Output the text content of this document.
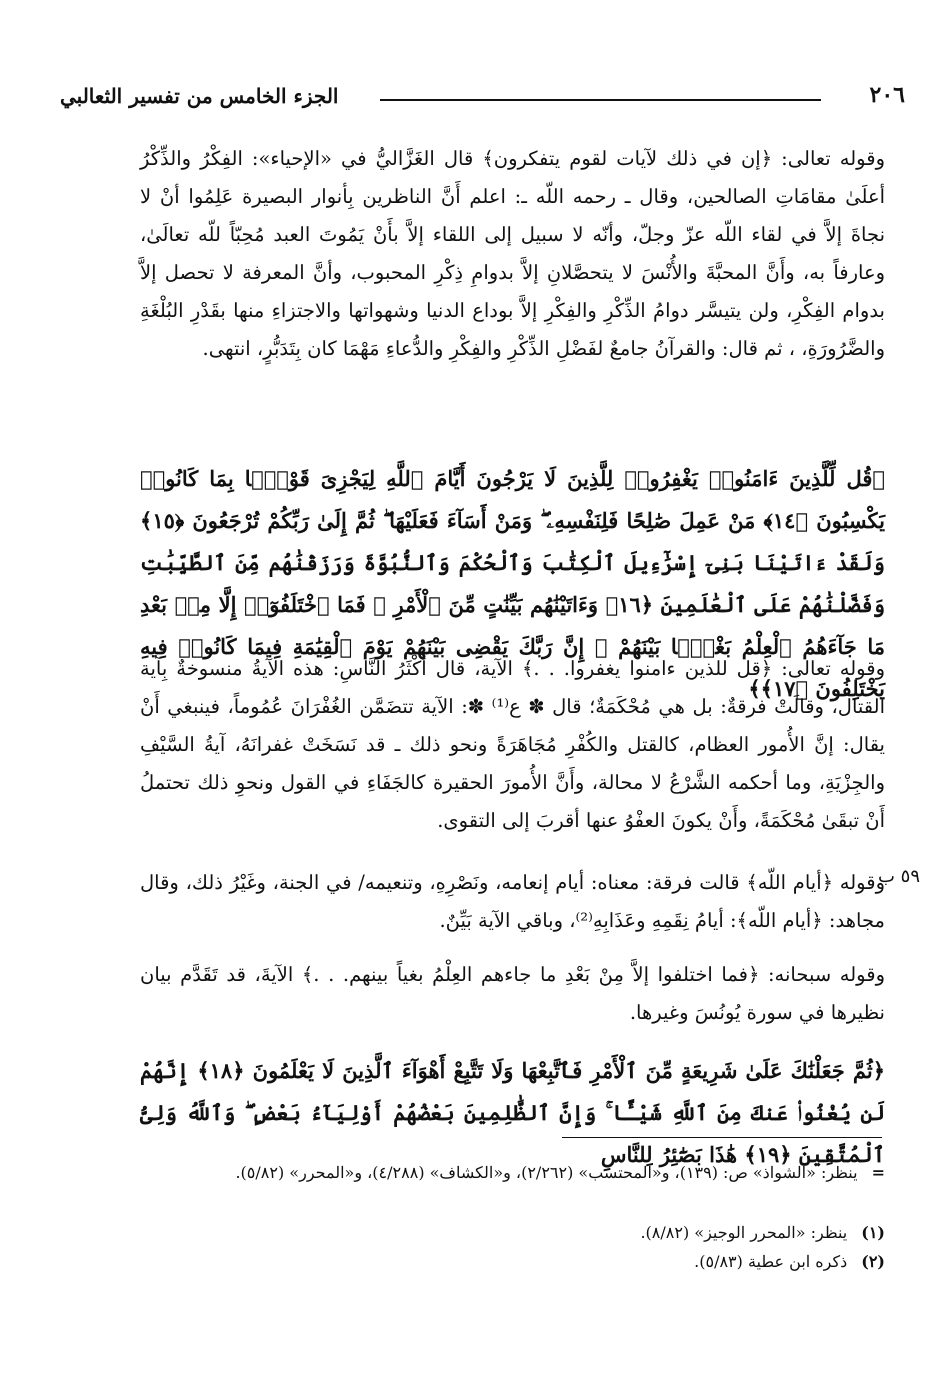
٢٠٦
الجزء الخامس من تفسير الثعالبي

وقوله تعالى: ﴿إن في ذلك لآيات لقوم يتفكرون﴾ قال الغَزَّاليُّ في «الإحياء»: الفِكْرُ والذِّكْرُ أعلَىٰ مقامَاتِ الصالحين، وقال ـ رحمه اللّه ـ: اعلم أَنَّ الناظرين بِأنوار البصيرة عَلِمُوا أنْ لا نجاةَ إلاَّ في لقاء اللّه عزّ وجلّ، وأنّه لا سبيل إلى اللقاء إلاَّ بأَنْ يَمُوتَ العبد مُحِبّاً للّه تعالَىٰ، وعارفاً به، وأَنَّ المحبَّةَ والأُنْسَ لا يتحصَّلانِ إلاَّ بدوامِ ذِكْرِ المحبوب، وأنَّ المعرفة لا تحصل إلاَّ بدوام الفِكْرِ، ولن يتيسَّر دوامُ الذِّكْرِ والفِكْرِ إلاَّ بوداع الدنيا وشهواتها والاجتزاءِ منها بقَدْرِ البُلْغَةِ والضَّرُورَةِ، ، ثم قال: والقرآنُ جامعٌ لفَضْلِ الذِّكْرِ والفِكْرِ والدُّعاءِ مَهْمَا كان بِتَدَبُّرٍ، انتهى.

﴿قُل لِّلَّذِينَ ءَامَنُوا۟ يَغْفِرُوا۟ لِلَّذِينَ لَا يَرْجُونَ أَيَّامَ ٱللَّهِ لِيَجْزِىَ قَوْمًۢا بِمَا كَانُوا۟ يَكْسِبُونَ ﴿١٤﴾ مَنْ عَمِلَ صَٰلِحًا فَلِنَفْسِهِۦ ۖ وَمَنْ أَسَآءَ فَعَلَيْهَا ۖ ثُمَّ إِلَىٰ رَبِّكُمْ تُرْجَعُونَ ﴿١٥﴾ وَلَقَدْ ءَاتَيْنَا بَنِىٓ إِسْرَٰٓءِيلَ ٱلْكِتَٰبَ وَٱلْحُكْمَ وَٱلنُّبُوَّةَ وَرَزَقْنَٰهُم مِّنَ ٱلطَّيِّبَٰتِ وَفَضَّلْنَٰهُمْ عَلَى ٱلْعَٰلَمِينَ ﴿١٦﴾ وَءَاتَيْنَٰهُم بَيِّنَٰتٍ مِّنَ ٱلْأَمْرِ ۖ فَمَا ٱخْتَلَفُوٓا۟ إِلَّا مِنۢ بَعْدِ مَا جَآءَهُمُ ٱلْعِلْمُ بَغْيًۢا بَيْنَهُمْ ۚ إِنَّ رَبَّكَ يَقْضِى بَيْنَهُمْ يَوْمَ ٱلْقِيَٰمَةِ فِيمَا كَانُوا۟ فِيهِ يَخْتَلِفُونَ ﴿١٧﴾﴾

وقوله تعالى: ﴿قل للذين ءامنوا يغفروا. . .﴾ الآية، قال أَكْثَرُ النَّاسِ: هذه الآيةُ منسوخةٌ بِآية القتال، وقالَتْ فرقةٌ: بل هي مُحْكَمَةٌ؛ قال ✽ ع⁽¹⁾ ✽: الآية تتضَمَّن الغُفْرَانَ عُمُوماً، فينبغي أَنْ يقال: إنَّ الأُمور العظام، كالقتل والكُفْرِ مُجَاهَرَةً ونحو ذلك ـ قد نَسَخَتْ غفرانَهُ، آيةُ السَّيْفِ والجِزْيَةِ، وما أحكمه الشَّرْعُ لا محالة، وأَنَّ الأُمورَ الحقيرة كالجَفَاءِ في القول ونحوِ ذلك تحتملُ أَنْ تبقَىٰ مُحْكَمَةً، وأَنْ يكونَ العفْوُ عنها أقربَ إلى التقوى.

٥٩ ب

وقوله ﴿أيام اللّه﴾ قالت فرقة: معناه: أيام إنعامه، ونَصْرِهِ، وتنعيمه/ في الجنة، وغَيْرُ ذلك، وقال مجاهد: ﴿أيام اللّه﴾: أيامُ نِقَمِهِ وعَذَابِهِ⁽²⁾، وباقي الآية بَيِّنٌ.

وقوله سبحانه: ﴿فما اختلفوا إلاَّ مِنْ بَعْدِ ما جاءهم العِلْمُ بغياً بينهم. . .﴾ الآيةَ، قد تَقَدَّم بيان نظيرها في سورة يُونُسَ وغيرها.

﴿ثُمَّ جَعَلْنَٰكَ عَلَىٰ شَرِيعَةٍ مِّنَ ٱلْأَمْرِ فَٱتَّبِعْهَا وَلَا تَتَّبِعْ أَهْوَآءَ ٱلَّذِينَ لَا يَعْلَمُونَ ﴿١٨﴾ إِنَّهُمْ لَن يُغْنُوا۟ عَنكَ مِنَ ٱللَّهِ شَيْـًٔا ۚ وَإِنَّ ٱلظَّٰلِمِينَ بَعْضُهُمْ أَوْلِيَآءُ بَعْضٍ ۖ وَٱللَّهُ وَلِىُّ ٱلْمُتَّقِينَ ﴿١٩﴾ هَٰذَا بَصَٰٓئِرُ لِلنَّاسِ

=ينظر: «الشواذ» ص: (١٣٩)، و«المحتسب» (٢/٢٦٢)، و«الكشاف» (٤/٢٨٨)، و«المحرر» (٥/٨٢).
(١)ينظر: «المحرر الوجيز» (٨/٨٢).
(٢)ذكره ابن عطية (٥/٨٣).
